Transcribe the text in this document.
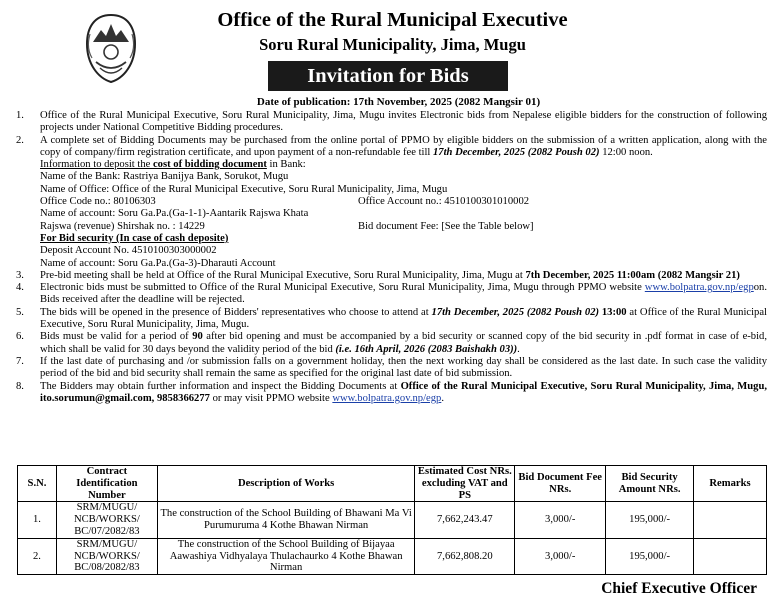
Office of the Rural Municipal Executive
Soru Rural Municipality, Jima, Mugu
Invitation for Bids
Date of publication: 17th November, 2025 (2082 Mangsir 01)
1.	Office of the Rural Municipal Executive, Soru Rural Municipality, Jima, Mugu invites Electronic bids from Nepalese eligible bidders for the construction of following projects under National Competitive Bidding procedures.
2.	A complete set of Bidding Documents may be purchased from the online portal of PPMO by eligible bidders on the submission of a written application, along with the copy of company/firm registration certificate, and upon payment of a non-refundable fee till 17th December, 2025 (2082 Poush 02) 12:00 noon.
Information to deposit the cost of bidding document in Bank:
Name of the Bank: Rastriya Banijya Bank, Sorukot, Mugu
Name of Office: Office of the Rural Municipal Executive, Soru Rural Municipality, Jima, Mugu
Office Code no.: 80106303	Office Account no.: 4510100301010002
Name of account: Soru Ga.Pa.(Ga-1-1)-Aantarik Rajswa Khata
Rajswa (revenue) Shirshak no. : 14229	Bid document Fee: [See the Table below]
For Bid security (In case of cash deposite)
Deposit Account No. 4510100303000002
Name of account: Soru Ga.Pa.(Ga-3)-Dharauti Account
3.	Pre-bid meeting shall be held at Office of the Rural Municipal Executive, Soru Rural Municipality, Jima, Mugu at 7th December, 2025 11:00am (2082 Mangsir 21)
4.	Electronic bids must be submitted to Office of the Rural Municipal Executive, Soru Rural Municipality, Jima, Mugu through PPMO website www.bolpatra.gov.np/egpon. Bids received after the deadline will be rejected.
5.	The bids will be opened in the presence of Bidders' representatives who choose to attend at 17th December, 2025 (2082 Poush 02) 13:00 at Office of the Rural Municipal Executive, Soru Rural Municipality, Jima, Mugu.
6.	Bids must be valid for a period of 90 after bid opening and must be accompanied by a bid security or scanned copy of the bid security in .pdf format in case of e-bid, which shall be valid for 30 days beyond the validity period of the bid (i.e. 16th April, 2026 (2083 Baishakh 03)).
7.	If the last date of purchasing and /or submission falls on a government holiday, then the next working day shall be considered as the last date. In such case the validity period of the bid and bid security shall remain the same as specified for the original last date of bid submission.
8.	The Bidders may obtain further information and inspect the Bidding Documents at Office of the Rural Municipal Executive, Soru Rural Municipality, Jima, Mugu, ito.sorumun@gmail.com, 9858366277 or may visit PPMO website www.bolpatra.gov.np/egp.
S.N.	Contract Identification Number	Description of Works	Estimated Cost NRs. excluding VAT and PS	Bid Document Fee NRs.	Bid Security Amount NRs.	Remarks
1.	SRM/MUGU/ NCB/WORKS/ BC/07/2082/83	The construction of the School Building of Bhawani Ma Vi Purumuruma 4 Kothe Bhawan Nirman	7,662,243.47	3,000/-	195,000/-	
2.	SRM/MUGU/ NCB/WORKS/ BC/08/2082/83	The construction of the School Building of Bijayaa Aawashiya Vidhyalaya Thulachaurko 4 Kothe Bhawan Nirman	7,662,808.20	3,000/-	195,000/-	
Chief Executive Officer
